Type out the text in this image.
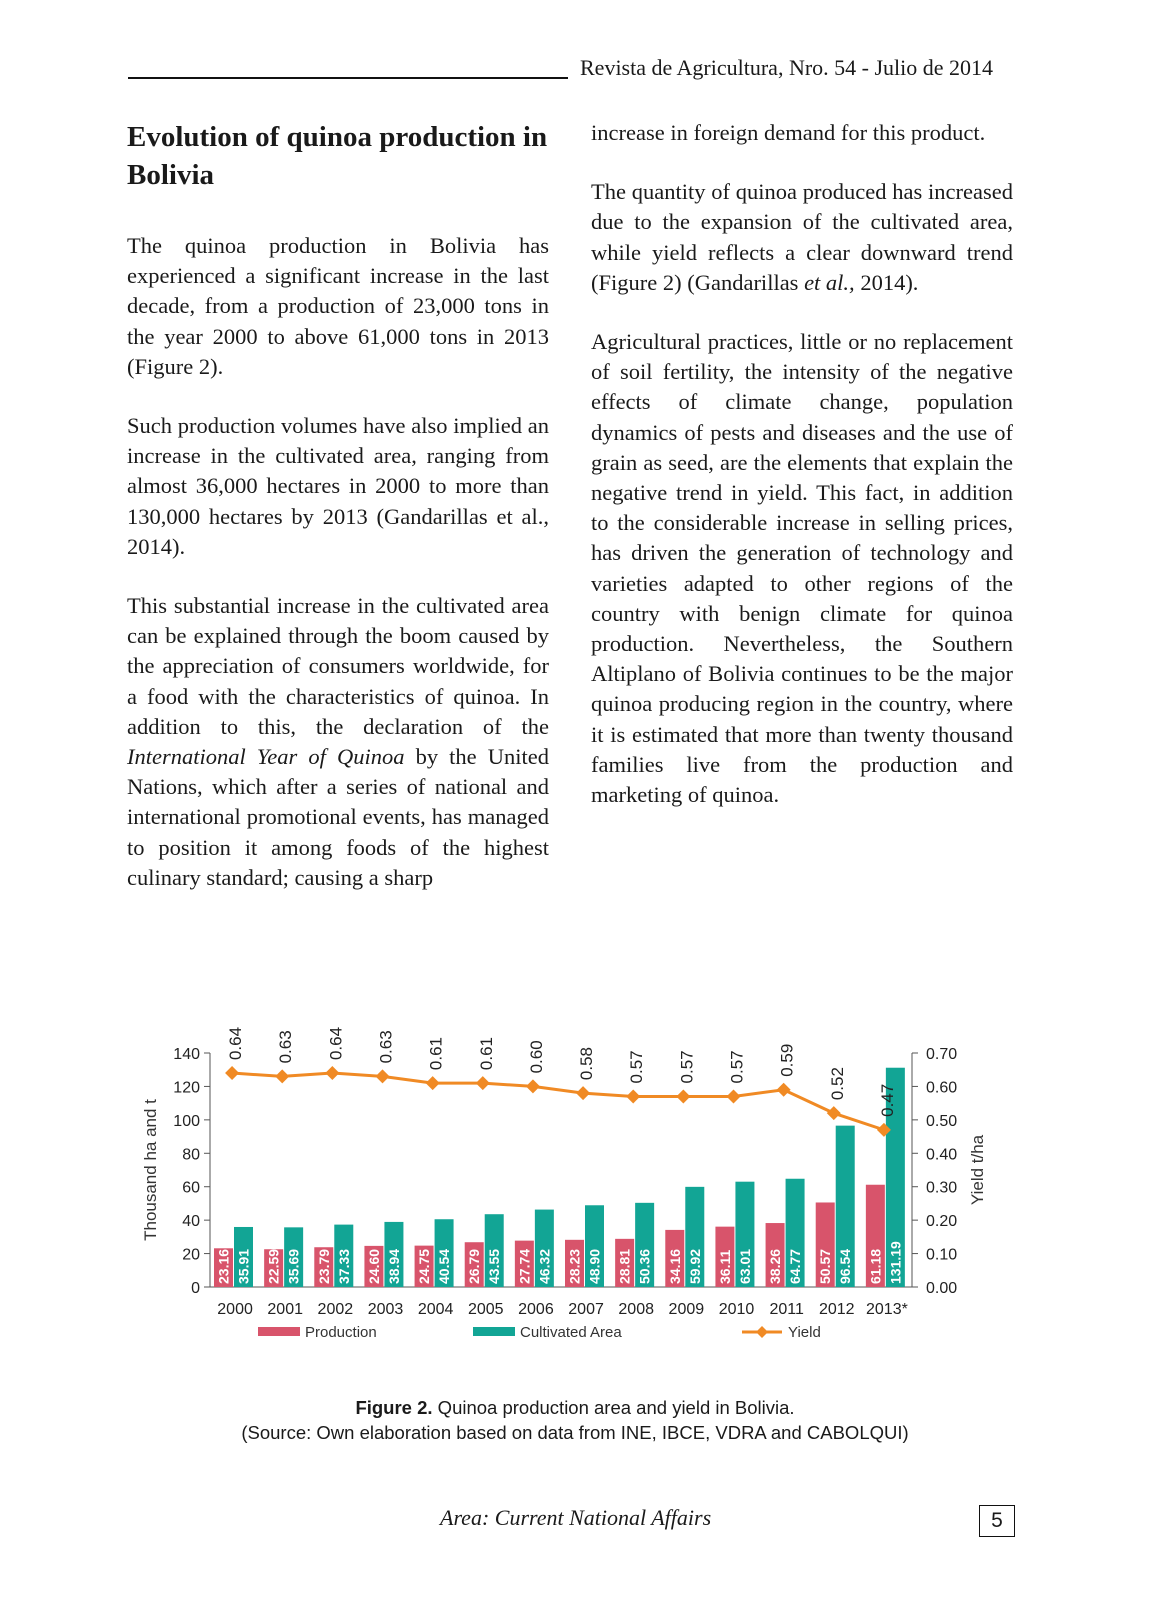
Revista de Agricultura, Nro. 54 - Julio de 2014
Evolution of quinoa production in Bolivia

The quinoa production in Bolivia has experienced a significant increase in the last decade, from a production of 23,000 tons in the year 2000 to above 61,000 tons in 2013 (Figure 2).

Such production volumes have also implied an increase in the cultivated area, ranging from almost 36,000 hectares in 2000 to more than 130,000 hectares by 2013 (Gandarillas et al., 2014).

This substantial increase in the cultivated area can be explained through the boom caused by the appreciation of consumers worldwide, for a food with the characteristics of quinoa. In addition to this, the declaration of the International Year of Quinoa by the United Nations, which after a series of national and international promotional events, has managed to position it among foods of the highest culinary standard; causing a sharp

increase in foreign demand for this product.

The quantity of quinoa produced has increased due to the expansion of the cultivated area, while yield reflects a clear downward trend (Figure 2) (Gandarillas et al., 2014).

Agricultural practices, little or no replacement of soil fertility, the intensity of the negative effects of climate change, population dynamics of pests and diseases and the use of grain as seed, are the elements that explain the negative trend in yield. This fact, in addition to the considerable increase in selling prices, has driven the generation of technology and varieties adapted to other regions of the country with benign climate for quinoa production. Nevertheless, the Southern Altiplano of Bolivia continues to be the major quinoa producing region in the country, where it is estimated that more than twenty thousand families live from the production and marketing of quinoa.

0
20
40
60
80
100
120
140
0.00
0.10
0.20
0.30
0.40
0.50
0.60
0.70
Thousand ha and t	Yield t/ha
23.16 35.91
2000
22.59 35.69
2001
23.79 37.33
2002
24.60 38.94
2003
24.75 40.54
2004
26.79 43.55
2005
27.74 46.32
2006
28.23 48.90
2007
28.81 50.36
2008
34.16 59.92
2009
36.11 63.01
2010
38.26 64.77
2011
50.57 96.54
2012
61.18 131.19
2013*
0.64 0.63 0.64 0.63 0.61 0.61 0.60 0.58 0.57 0.57 0.57 0.59
0.52
0.47
Production	Cultivated Area	Yield
Figure 2. Quinoa production area and yield in Bolivia.
(Source: Own elaboration based on data from INE, IBCE, VDRA and CABOLQUI)
Area: Current National Affairs	5
